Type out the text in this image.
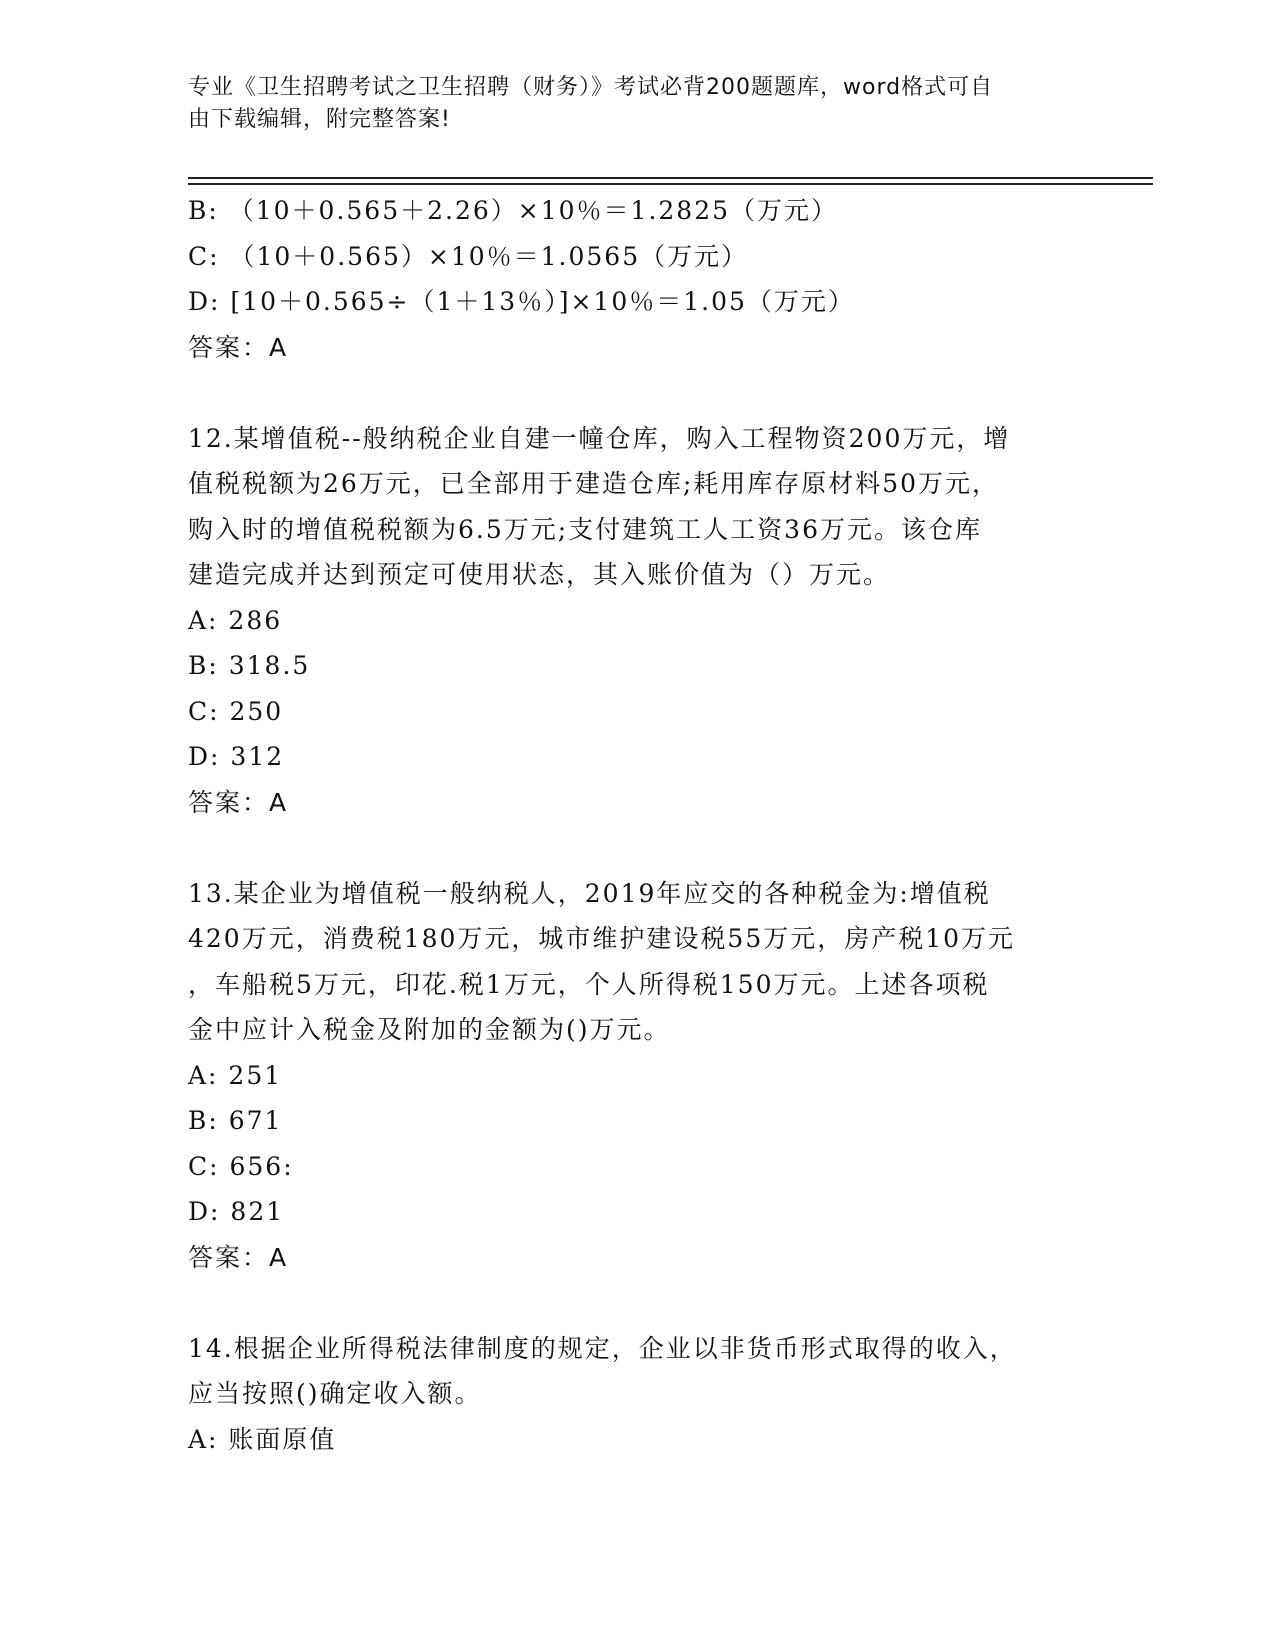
专业《卫生招聘考试之卫生招聘（财务）》考试必背200题题库，word格式可自
由下载编辑，附完整答案!
B: （10＋0.565＋2.26）×10％＝1.2825（万元）
C: （10＋0.565）×10％＝1.0565（万元）
D: [10＋0.565÷（1＋13％）]×10％＝1.05（万元）
答案：A
12.某增值税--般纳税企业自建一幢仓库，购入工程物资200万元，增
值税税额为26万元，已全部用于建造仓库;耗用库存原材料50万元，
购入时的增值税税额为6.5万元;支付建筑工人工资36万元。该仓库
建造完成并达到预定可使用状态，其入账价值为（）万元。
A: 286
B: 318.5
C: 250
D: 312
答案：A
13.某企业为增值税一般纳税人，2019年应交的各种税金为:增值税
420万元，消费税180万元，城市维护建设税55万元，房产税10万元
，车船税5万元，印花.税1万元，个人所得税150万元。上述各项税
金中应计入税金及附加的金额为()万元。
A: 251
B: 671
C: 656:
D: 821
答案：A
14.根据企业所得税法律制度的规定，企业以非货币形式取得的收入，
应当按照()确定收入额。
A: 账面原值
